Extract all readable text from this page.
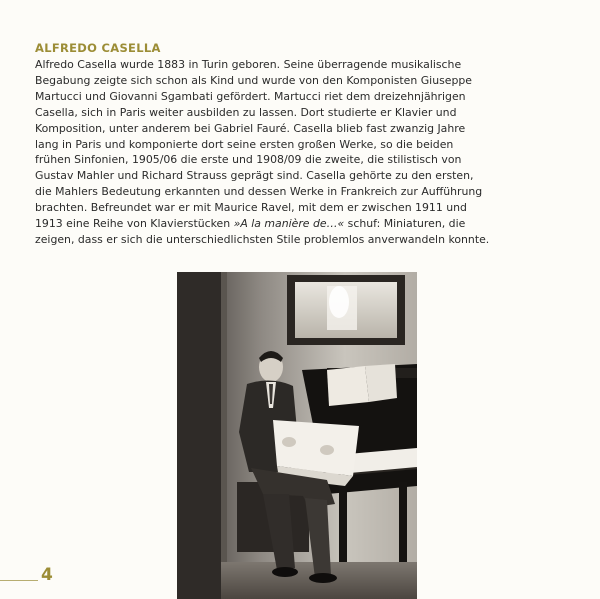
ALFREDO CASELLA

Alfredo Casella wurde 1883 in Turin geboren. Seine überragende musikalische
Begabung zeigte sich schon als Kind und wurde von den Komponisten Giuseppe
Martucci und Giovanni Sgambati gefördert. Martucci riet dem dreizehnjährigen
Casella, sich in Paris weiter ausbilden zu lassen. Dort studierte er Klavier und
Komposition, unter anderem bei Gabriel Fauré. Casella blieb fast zwanzig Jahre
lang in Paris und komponierte dort seine ersten großen Werke, so die beiden
frühen Sinfonien, 1905/06 die erste und 1908/09 die zweite, die stilistisch von
Gustav Mahler und Richard Strauss geprägt sind. Casella gehörte zu den ersten,
die Mahlers Bedeutung erkannten und dessen Werke in Frankreich zur Aufführung
brachten. Befreundet war er mit Maurice Ravel, mit dem er zwischen 1911 und
1913 eine Reihe von Klavierstücken »A la manière de…« schuf: Miniaturen, die
zeigen, dass er sich die unterschiedlichsten Stile problemlos anverwandeln konnte.

4
